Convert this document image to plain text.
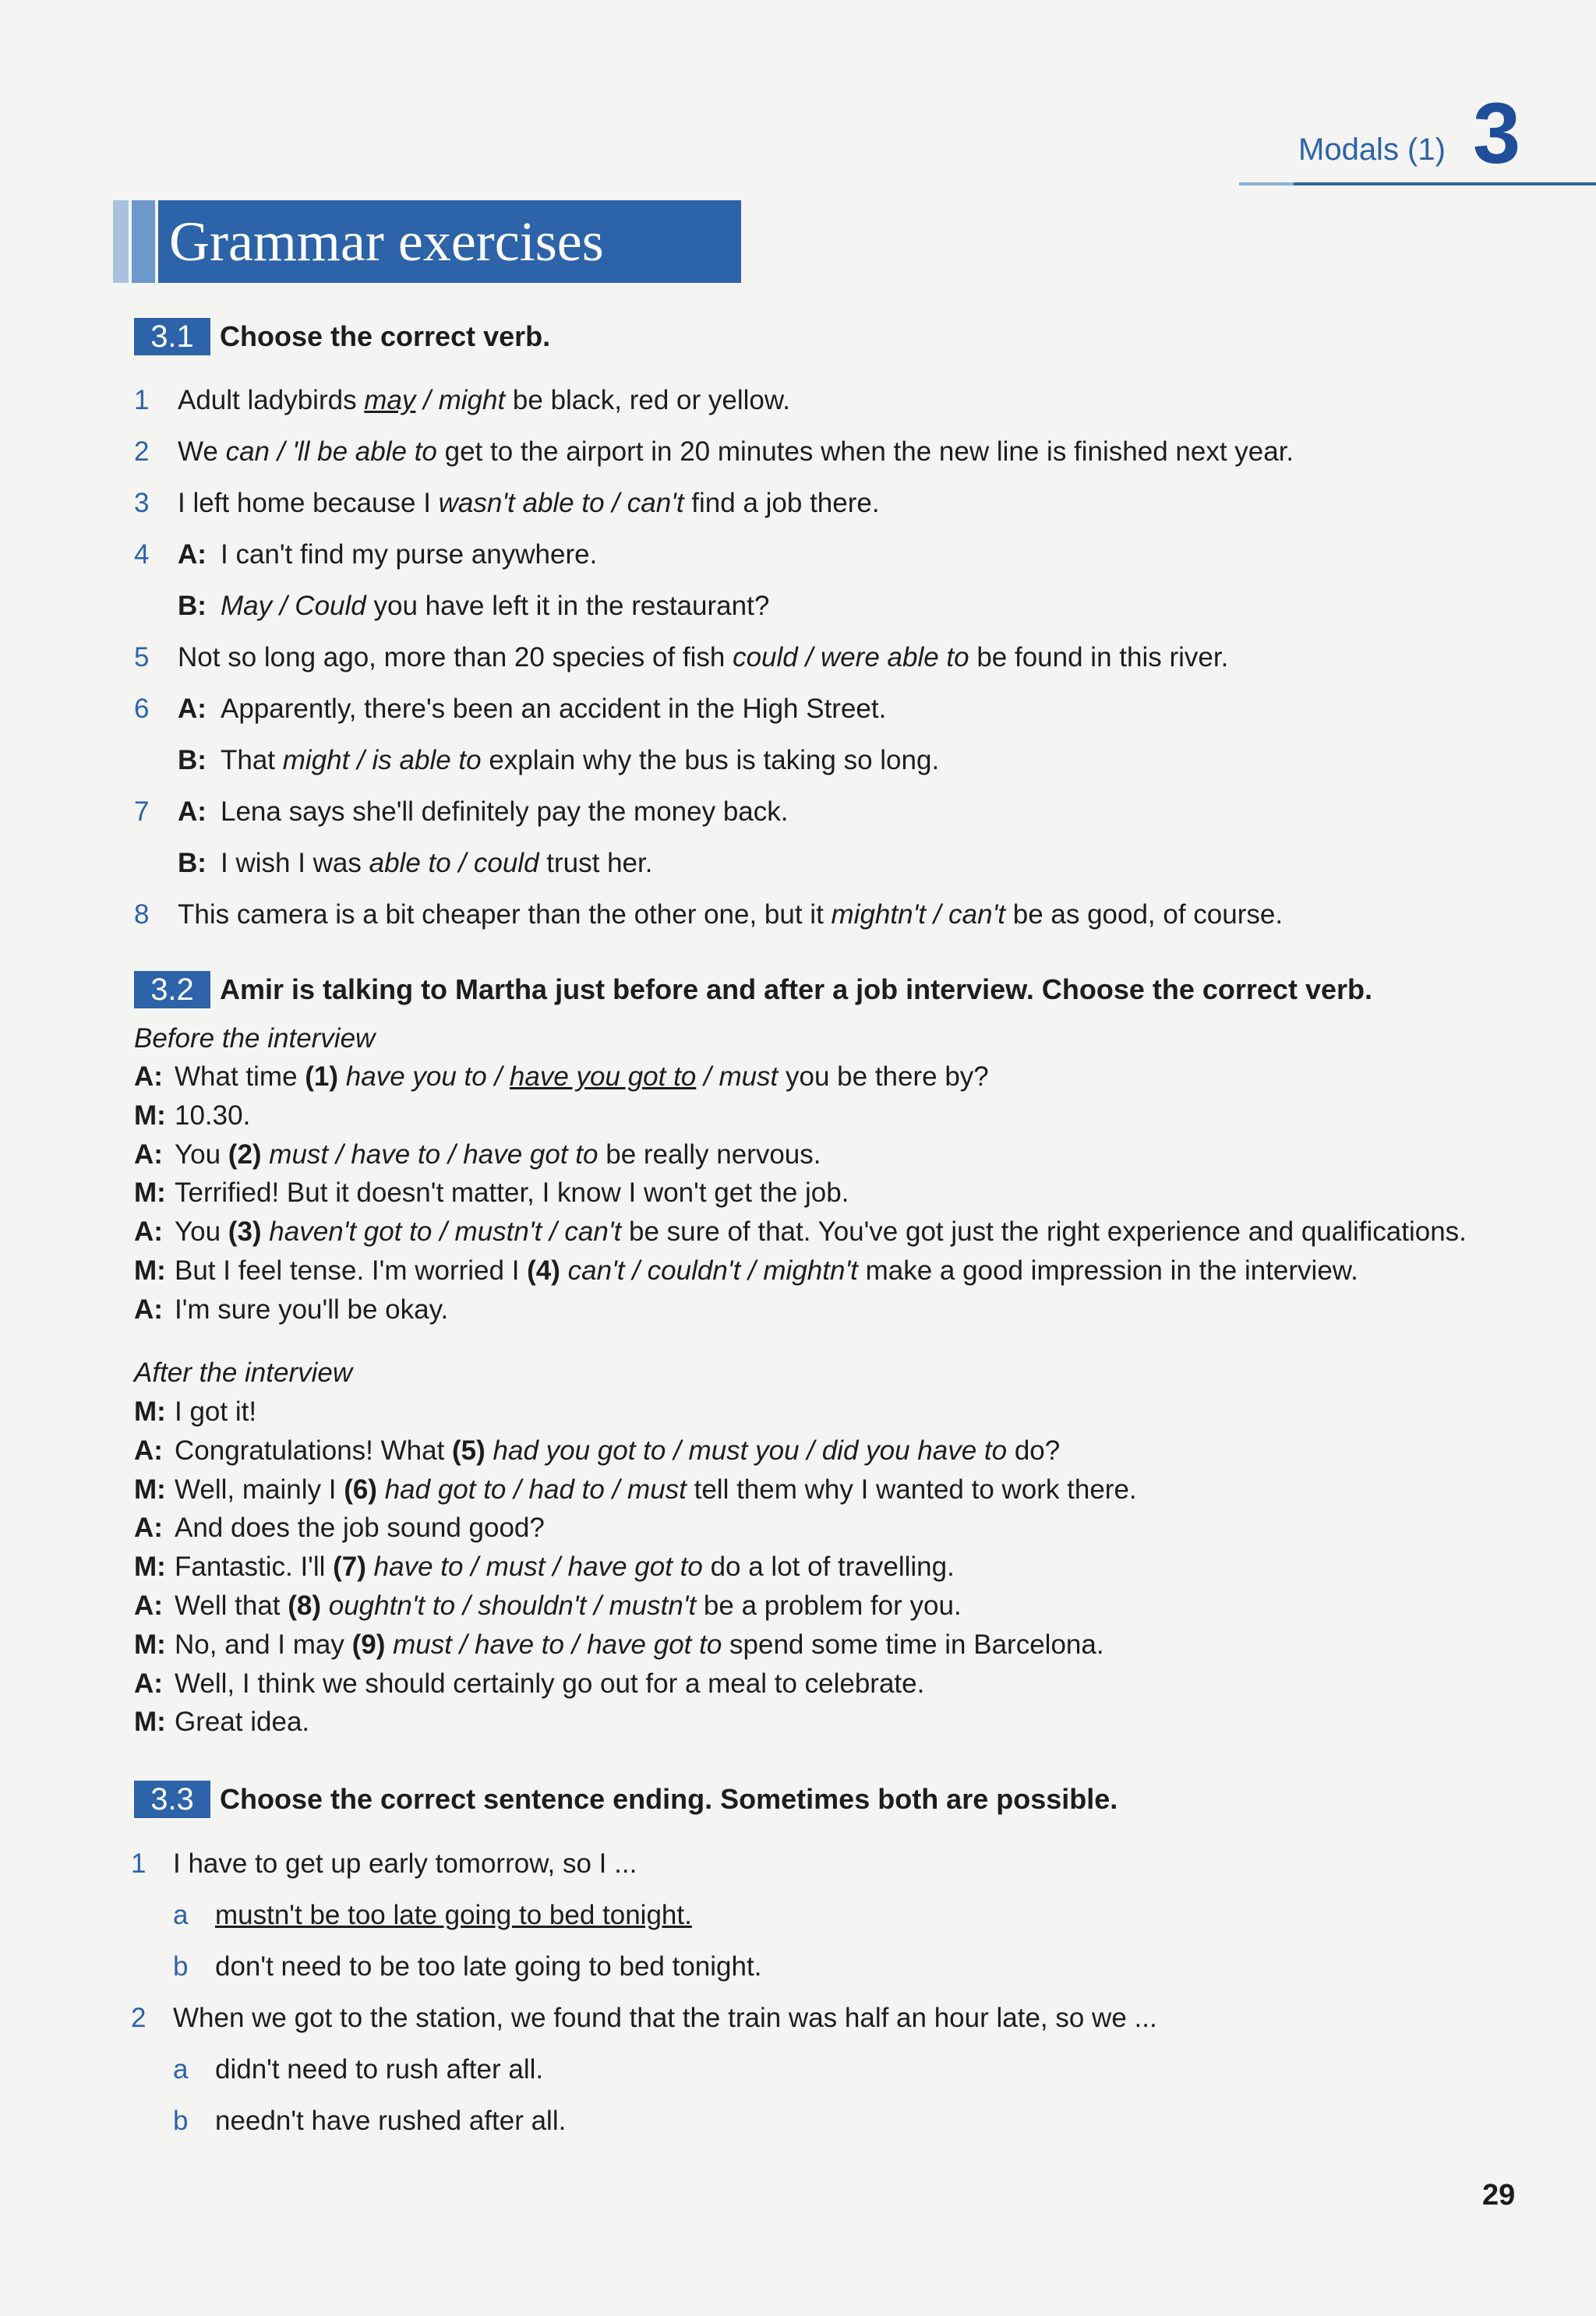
Modals (1) 3
Grammar exercises
3.1 Choose the correct verb.
3.2 Amir is talking to Martha just before and after a job interview. Choose the correct verb.
Before the interview
After the interview
3.3 Choose the correct sentence ending. Sometimes both are possible.
29
1 Adult ladybirds may / might be black, red or yellow.
2 We can / 'll be able to get to the airport in 20 minutes when the new line is finished next year.
3 I left home because I wasn't able to / can't find a job there.
4 A: I can't find my purse anywhere.
B: May / Could you have left it in the restaurant?
5 Not so long ago, more than 20 species of fish could / were able to be found in this river.
6 A: Apparently, there's been an accident in the High Street.
B: That might / is able to explain why the bus is taking so long.
7 A: Lena says she'll definitely pay the money back.
B: I wish I was able to / could trust her.
8 This camera is a bit cheaper than the other one, but it mightn't / can't be as good, of course.
A: What time (1) have you to / have you got to / must you be there by?
M: 10.30.
A: You (2) must / have to / have got to be really nervous.
M: Terrified! But it doesn't matter, I know I won't get the job.
A: You (3) haven't got to / mustn't / can't be sure of that. You've got just the right experience and qualifications.
M: But I feel tense. I'm worried I (4) can't / couldn't / mightn't make a good impression in the interview.
A: I'm sure you'll be okay.
M: I got it!
A: Congratulations! What (5) had you got to / must you / did you have to do?
M: Well, mainly I (6) had got to / had to / must tell them why I wanted to work there.
A: And does the job sound good?
M: Fantastic. I'll (7) have to / must / have got to do a lot of travelling.
A: Well that (8) oughtn't to / shouldn't / mustn't be a problem for you.
M: No, and I may (9) must / have to / have got to spend some time in Barcelona.
A: Well, I think we should certainly go out for a meal to celebrate.
M: Great idea.
1 I have to get up early tomorrow, so I ...
a mustn't be too late going to bed tonight.
b don't need to be too late going to bed tonight.
2 When we got to the station, we found that the train was half an hour late, so we ...
a didn't need to rush after all.
b needn't have rushed after all.
